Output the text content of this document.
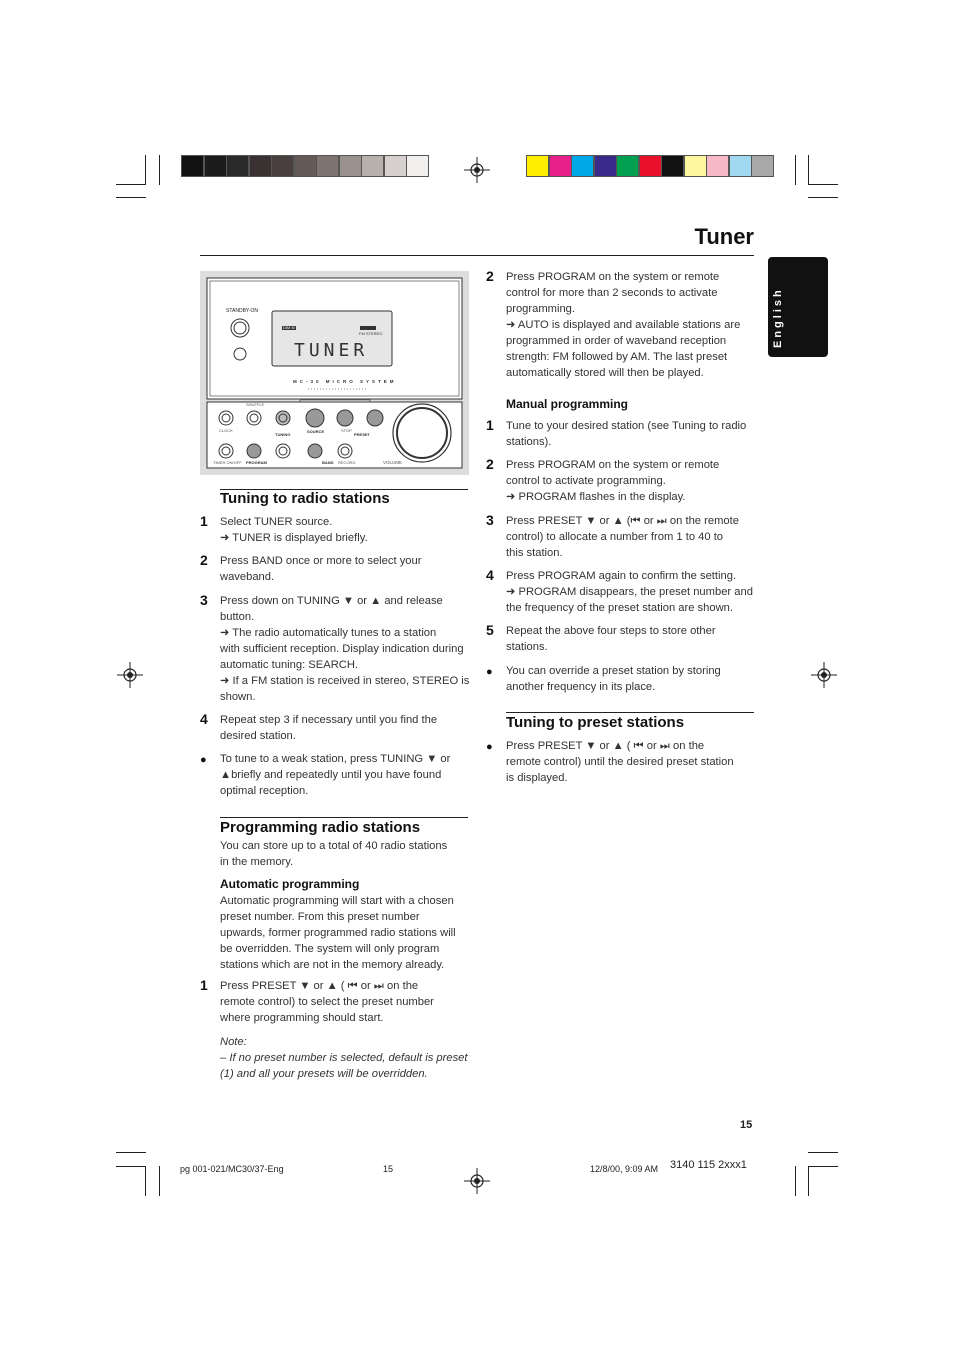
Tuner
English
STANDBY-ON
TUNER
DIM M
FM STEREO
MC-30 MICRO SYSTEM
CLOCK
SHUFFLE
TUNING
SOURCE	STOP
PRESET
VOLUME
TIMER ON/OFF PROGRAM	BAND RECORD
Tuning to radio stations
1 Select TUNER source.
➜ TUNER is displayed briefly.
2 Press BAND once or more to select your
waveband.
3 Press down on TUNING ▼ or ▲ and release
button.
➜ The radio automatically tunes to a station
with sufficient reception. Display indication during
automatic tuning: SEARCH.
➜ If a FM station is received in stereo, STEREO is
shown.
4 Repeat step 3 if necessary until you find the
desired station.
● To tune to a weak station, press TUNING ▼ or
▲briefly and repeatedly until you have found
optimal reception.
Programming radio stations
You can store up to a total of 40 radio stations
in the memory.
Automatic programming
Automatic programming will start with a chosen
preset number. From this preset number
upwards, former programmed radio stations will
be overridden. The system will only program
stations which are not in the memory already.
1 Press PRESET ▼ or ▲ ( ⏮ or ⏭ on the
remote control) to select the preset number
where programming should start.
Note:
– If no preset number is selected, default is preset
(1) and all your presets will be overridden.
2 Press PROGRAM on the system or remote
control for more than 2 seconds to activate
programming.
➜ AUTO is displayed and available stations are
programmed in order of waveband reception
strength: FM followed by AM. The last preset
automatically stored will then be played.
Manual programming
1 Tune to your desired station (see Tuning to radio
stations).
2 Press PROGRAM on the system or remote
control to activate programming.
➜ PROGRAM flashes in the display.
3 Press PRESET ▼ or ▲ (⏮ or ⏭ on the remote
control) to allocate a number from 1 to 40 to
this station.
4 Press PROGRAM again to confirm the setting.
➜ PROGRAM disappears, the preset number and
the frequency of the preset station are shown.
5 Repeat the above four steps to store other
stations.
● You can override a preset station by storing
another frequency in its place.
Tuning to preset stations
● Press PRESET ▼ or ▲ ( ⏮ or ⏭ on the
remote control) until the desired preset station
is displayed.
15
pg 001-021/MC30/37-Eng	15	12/8/00, 9:09 AM 3140 115 2xxx1
